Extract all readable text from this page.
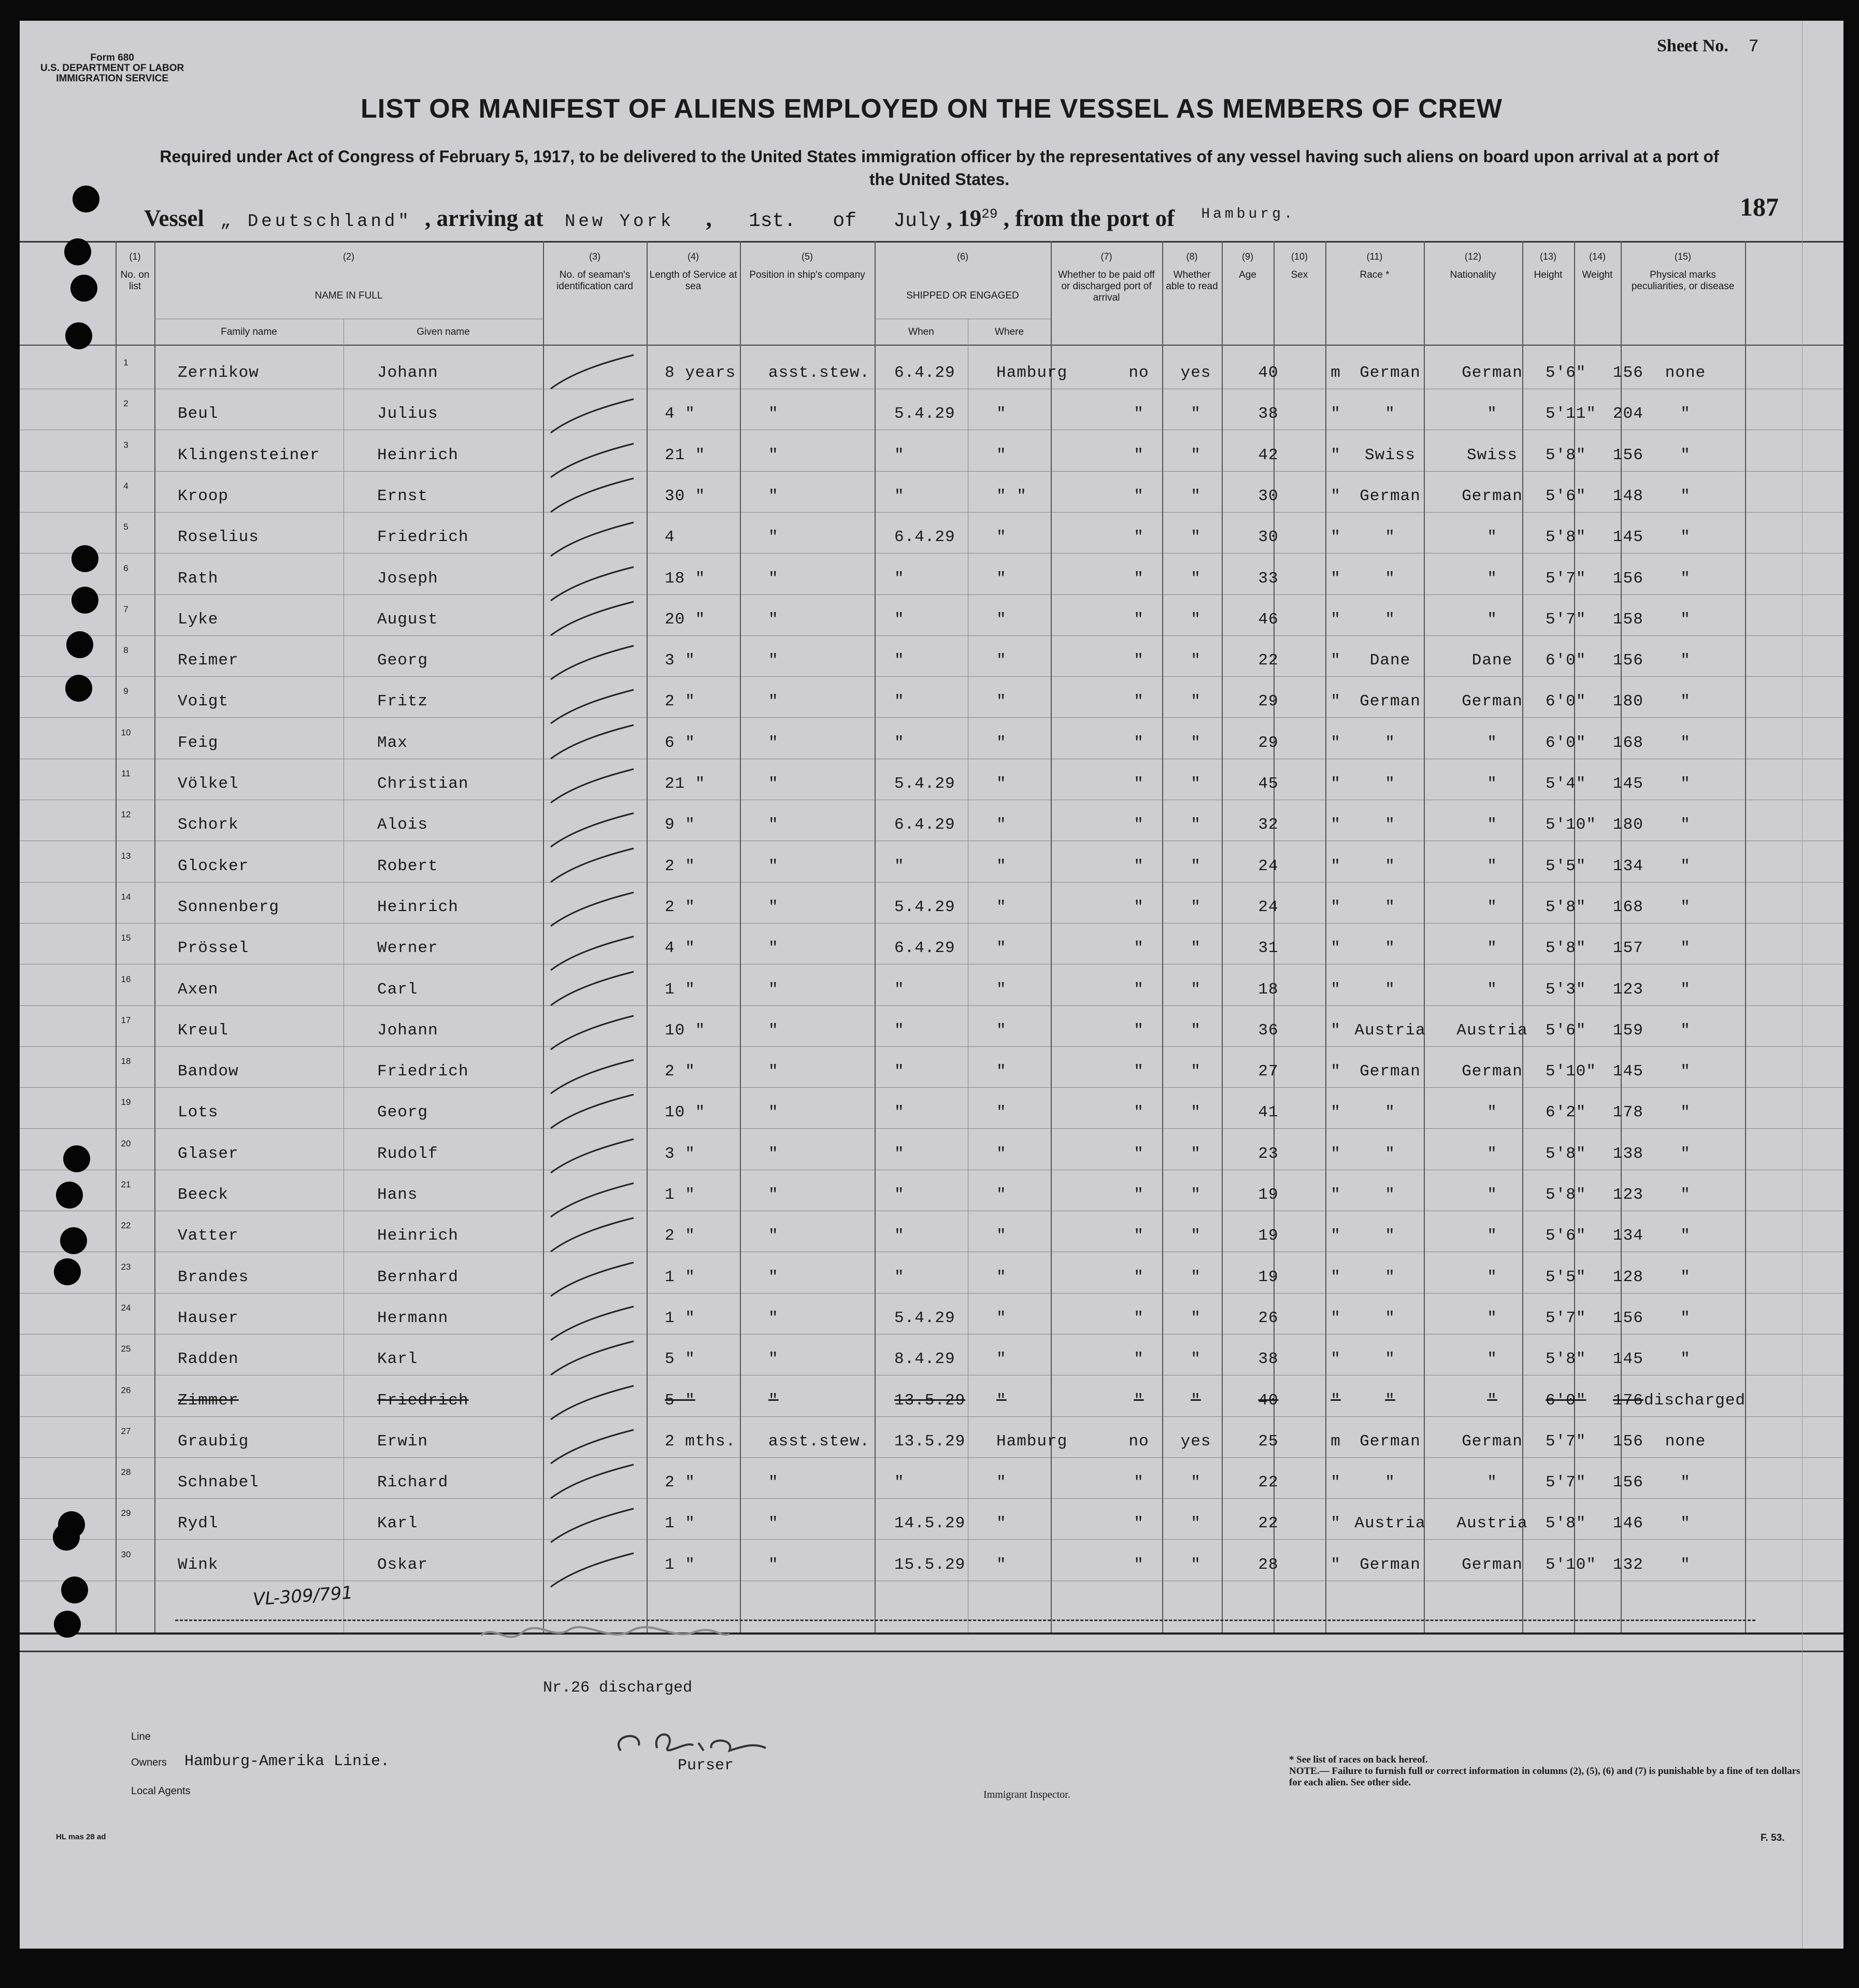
Form 680
U.S. DEPARTMENT OF LABOR
IMMIGRATION SERVICE
Sheet No. 7
LIST OR MANIFEST OF ALIENS EMPLOYED ON THE VESSEL AS MEMBERS OF CREW
Required under Act of Congress of February 5, 1917, to be delivered to the United States immigration officer by the representatives of any vessel having such aliens on board upon arrival at a port of the United States.
187
Vessel „ Deutschland" , arriving at New York , 1st. of July , $19^{29}$ , from the port of $^{Hamburg.}$
(1)
No. on list
(2)
NAME IN FULL
Family name	Given name
(3)
No. of seaman's identification card
(4)
Length of Service at sea
(5)
Position in ship's company
(6)
SHIPPED OR ENGAGED
When	Where
(7)
Whether to be paid off or discharged port of arrival
(8)
Whether able to read
(9)
Age
(10)
Sex
(11)
Race *
(12)
Nationality
(13)
Height
(14)
Weight
(15)
Physical marks peculiarities, or disease
1
Zernikow	Johann	8 years asst.stew. 6.4.29	Hamburg	no	yes	40	m	German	German	5'6" 156	none
2
Beul	Julius	4 "	"	5.4.29	"	"	"	38	"	"	"	5'11" 204	"
3
Klingensteiner	Heinrich	21 "	"	"	"	"	"	42	"	Swiss	Swiss	5'8" 156	"
4
Kroop	Ernst	30 "	"	"	" "	"	"	30	"	German	German	5'6" 148	"
5
Roselius	Friedrich	4	"	6.4.29	"	"	"	30	"	"	"	5'8" 145	"
6
Rath	Joseph	18 "	"	"	"	"	"	33	"	"	"	5'7" 156	"
7
Lyke	August	20 "	"	"	"	"	"	46	"	"	"	5'7" 158	"
8
Reimer	Georg	3 "	"	"	"	"	"	22	"	Dane	Dane	6'0" 156	"
9
Voigt	Fritz	2 "	"	"	"	"	"	29	"	German	German	6'0" 180	"
10
Feig	Max	6 "	"	"	"	"	"	29	"	"	"	6'0" 168	"
11
Völkel	Christian	21 "	"	5.4.29	"	"	"	45	"	"	"	5'4" 145	"
12
Schork	Alois	9 "	"	6.4.29	"	"	"	32	"	"	"	5'10" 180	"
13
Glocker	Robert	2 "	"	"	"	"	"	24	"	"	"	5'5" 134	"
14
Sonnenberg	Heinrich	2 "	"	5.4.29	"	"	"	24	"	"	"	5'8" 168	"
15
Prössel	Werner	4 "	"	6.4.29	"	"	"	31	"	"	"	5'8" 157	"
16
Axen	Carl	1 "	"	"	"	"	"	18	"	"	"	5'3" 123	"
17
Kreul	Johann	10 "	"	"	"	"	"	36	" Austria	Austria	5'6" 159	"
18
Bandow	Friedrich	2 "	"	"	"	"	"	27	"	German	German	5'10" 145	"
19
Lots	Georg	10 "	"	"	"	"	"	41	"	"	"	6'2" 178	"
20
Glaser	Rudolf	3 "	"	"	"	"	"	23	"	"	"	5'8" 138	"
21
Beeck	Hans	1 "	"	"	"	"	"	19	"	"	"	5'8" 123	"
22
Vatter	Heinrich	2 "	"	"	"	"	"	19	"	"	"	5'6" 134	"
23
Brandes	Bernhard	1 "	"	"	"	"	"	19	"	"	"	5'5" 128	"
24
Hauser	Hermann	1 "	"	5.4.29	"	"	"	26	"	"	"	5'7" 156	"
25
Radden	Karl	5 "	"	8.4.29	"	"	"	38	"	"	"	5'8" 145	"
26
Zimmer	Friedrich	5 "	"	13.5.29 "	"	"	40	"	"	"	6'0" 176 discharged
27
Graubig	Erwin	2 mths. asst.stew. 13.5.29 Hamburg	no	yes	25	m	German	German	5'7" 156	none
28
Schnabel	Richard	2 "	"	"	"	"	"	22	"	"	"	5'7" 156	"
29
Rydl	Karl	1 "	"	14.5.29 "	"	"	22	" Austria	Austria	5'8" 146	"
30
Wink	Oskar	1 "	"	15.5.29 "	"	"	28	"	German	German	5'10" 132	"
VL-309/791
Nr.26 discharged
Line
Owners Hamburg-Amerika Linie.
Local Agents
Purser
Immigrant Inspector.
* See list of races on back hereof.
NOTE.— Failure to furnish full or correct information in columns (2), (5), (6) and (7) is punishable by a fine of ten dollars for each alien. See other side.
HL mas 28 ad	F. 53.
